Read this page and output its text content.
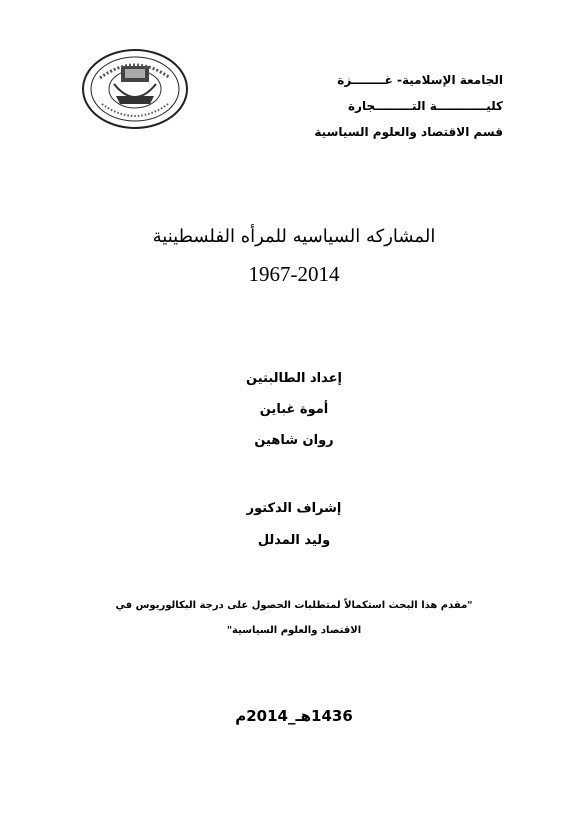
الجامعة الإسلامية- غــــــــزة
كليــــــــــــة التـــــــــجارة
قسم الاقتصاد والعلوم السياسية
المشاركه السياسيه للمرأه الفلسطينية
1967-2014
إعداد الطالبتين
أموة غباين
روان شاهين
إشراف الدكتور
وليد المدلل
"مقدم هذا البحث استكمالاً لمتطلبات الحصول على درجة البكالوريوس في
الاقتصاد والعلوم السياسية"
1436هـ_2014م
